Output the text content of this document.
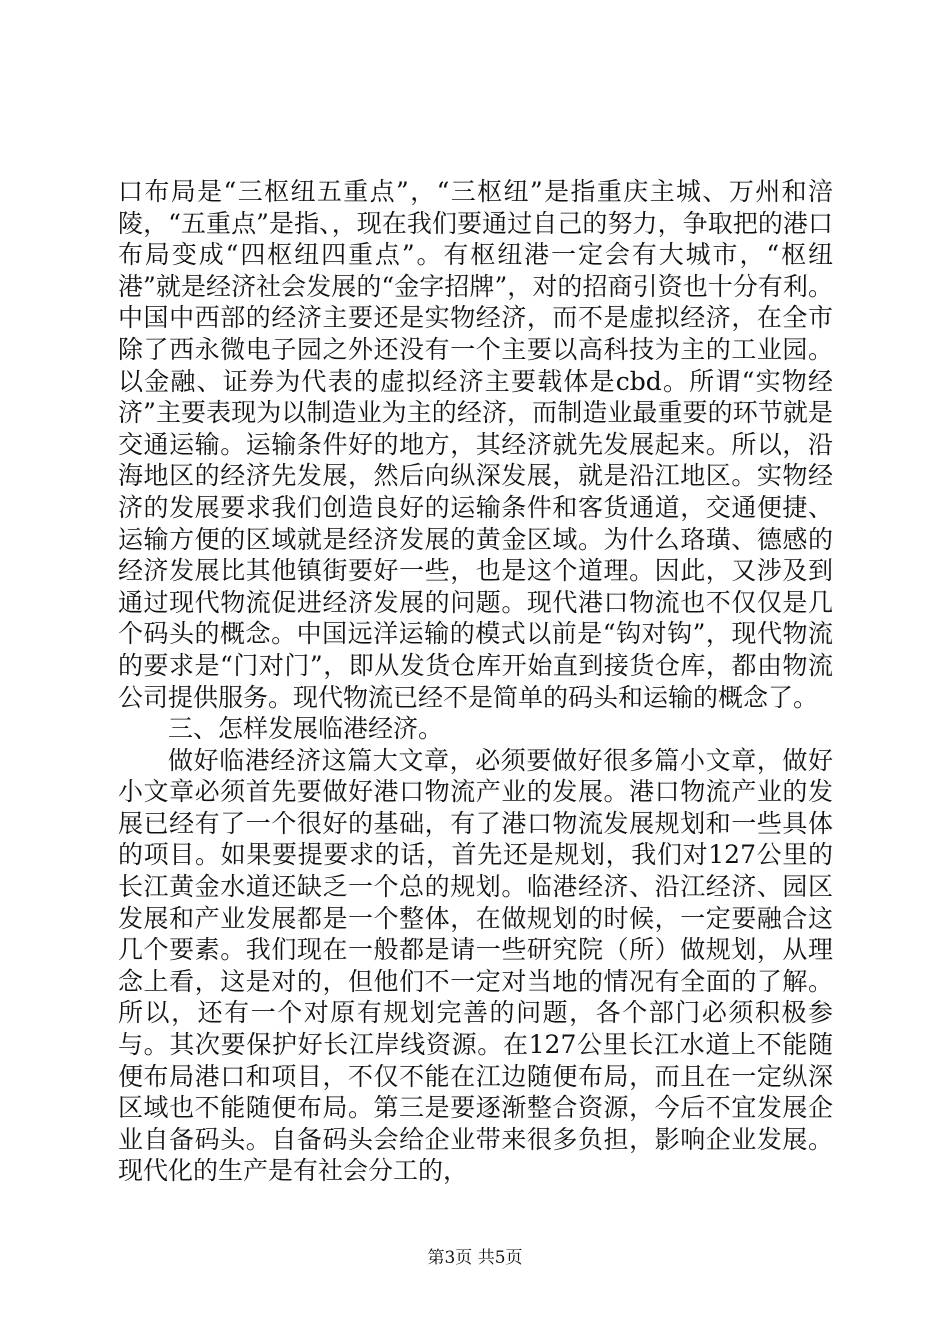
口布局是“三枢纽五重点”，“三枢纽”是指重庆主城、万州和涪陵，“五重点”是指、，现在我们要通过自己的努力，争取把的港口布局变成“四枢纽四重点”。有枢纽港一定会有大城市，“枢纽港”就是经济社会发展的“金字招牌”，对的招商引资也十分有利。中国中西部的经济主要还是实物经济，而不是虚拟经济，在全市除了西永微电子园之外还没有一个主要以高科技为主的工业园。以金融、证券为代表的虚拟经济主要载体是cbd。所谓“实物经济”主要表现为以制造业为主的经济，而制造业最重要的环节就是交通运输。运输条件好的地方，其经济就先发展起来。所以，沿海地区的经济先发展，然后向纵深发展，就是沿江地区。实物经济的发展要求我们创造良好的运输条件和客货通道，交通便捷、运输方便的区域就是经济发展的黄金区域。为什么珞璜、德感的经济发展比其他镇街要好一些，也是这个道理。因此，又涉及到通过现代物流促进经济发展的问题。现代港口物流也不仅仅是几个码头的概念。中国远洋运输的模式以前是“钩对钩”，现代物流的要求是“门对门”，即从发货仓库开始直到接货仓库，都由物流公司提供服务。现代物流已经不是简单的码头和运输的概念了。

三、怎样发展临港经济。

做好临港经济这篇大文章，必须要做好很多篇小文章，做好小文章必须首先要做好港口物流产业的发展。港口物流产业的发展已经有了一个很好的基础，有了港口物流发展规划和一些具体的项目。如果要提要求的话，首先还是规划，我们对127公里的长江黄金水道还缺乏一个总的规划。临港经济、沿江经济、园区发展和产业发展都是一个整体，在做规划的时候，一定要融合这几个要素。我们现在一般都是请一些研究院（所）做规划，从理念上看，这是对的，但他们不一定对当地的情况有全面的了解。所以，还有一个对原有规划完善的问题，各个部门必须积极参与。其次要保护好长江岸线资源。在127公里长江水道上不能随便布局港口和项目，不仅不能在江边随便布局，而且在一定纵深区域也不能随便布局。第三是要逐渐整合资源，今后不宜发展企业自备码头。自备码头会给企业带来很多负担，影响企业发展。现代化的生产是有社会分工的，

第3页 共5页
